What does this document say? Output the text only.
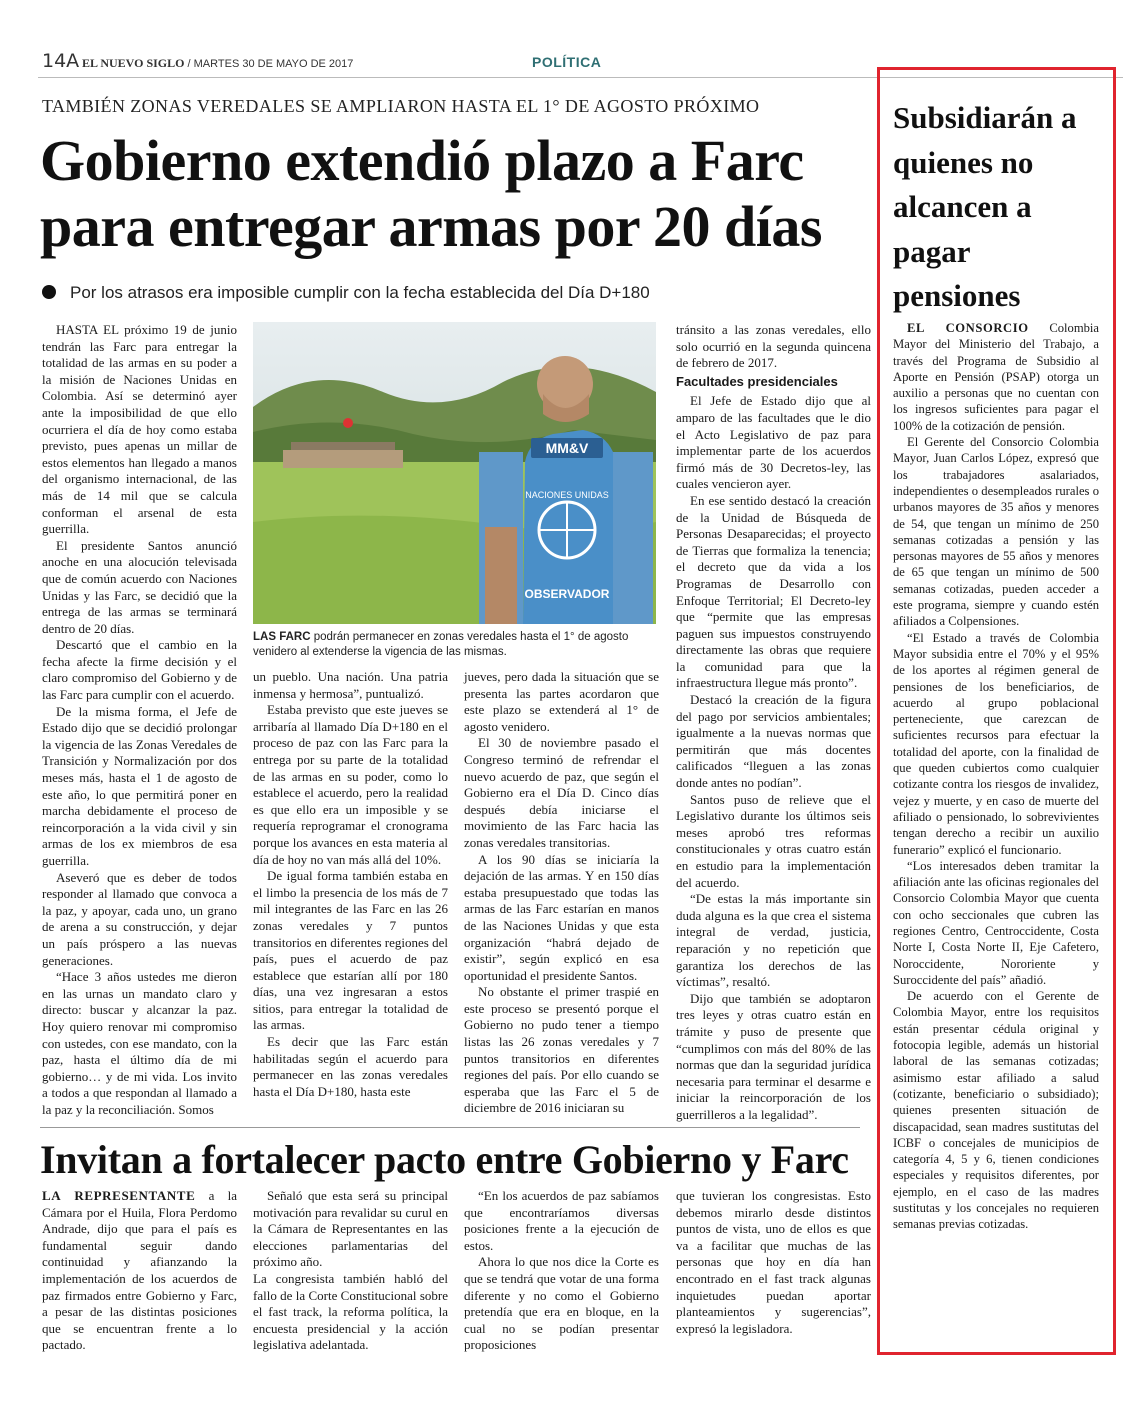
14A EL NUEVO SIGLO / MARTES 30 DE MAYO DE 2017	POLÍTICA
TAMBIÉN ZONAS VEREDALES SE AMPLIARON HASTA EL 1° DE AGOSTO PRÓXIMO
Gobierno extendió plazo a Farc para entregar armas por 20 días
Por los atrasos era imposible cumplir con la fecha establecida del Día D+180

HASTA EL próximo 19 de junio tendrán las Farc para entregar la totalidad de las armas en su poder a la misión de Naciones Unidas en Colombia. Así se determinó ayer ante la imposibilidad de que ello ocurriera el día de hoy como estaba previsto, pues apenas un millar de estos elementos han llegado a manos del organismo internacional, de las más de 14 mil que se calcula conforman el arsenal de esta guerrilla.

El presidente Santos anunció anoche en una alocución televisada que de común acuerdo con Naciones Unidas y las Farc, se decidió que la entrega de las armas se terminará dentro de 20 días.

Descartó que el cambio en la fecha afecte la firme decisión y el claro compromiso del Gobierno y de las Farc para cumplir con el acuerdo.

De la misma forma, el Jefe de Estado dijo que se decidió prolongar la vigencia de las Zonas Veredales de Transición y Normalización por dos meses más, hasta el 1 de agosto de este año, lo que permitirá poner en marcha debidamente el proceso de reincorporación a la vida civil y sin armas de los ex miembros de esa guerrilla.

Aseveró que es deber de todos responder al llamado que convoca a la paz, y apoyar, cada uno, un grano de arena a su construcción, y dejar un país próspero a las nuevas generaciones.

“Hace 3 años ustedes me dieron en las urnas un mandato claro y directo: buscar y alcanzar la paz. Hoy quiero renovar mi compromiso con ustedes, con ese mandato, con la paz, hasta el último día de mi gobierno… y de mi vida. Los invito a todos a que respondan al llamado a la paz y la reconciliación. Somos

MM&V
NACIONES UNIDAS
OBSERVADOR
LAS FARC podrán permanecer en zonas veredales hasta el 1° de agosto venidero al extenderse la vigencia de las mismas.

un pueblo. Una nación. Una patria inmensa y hermosa”, puntualizó.

Estaba previsto que este jueves se arribaría al llamado Día D+180 en el proceso de paz con las Farc para la entrega por su parte de la totalidad de las armas en su poder, como lo establece el acuerdo, pero la realidad es que ello era un imposible y se requería reprogramar el cronograma porque los avances en esta materia al día de hoy no van más allá del 10%.

De igual forma también estaba en el limbo la presencia de los más de 7 mil integrantes de las Farc en las 26 zonas veredales y 7 puntos transitorios en diferentes regiones del país, pues el acuerdo de paz establece que estarían allí por 180 días, una vez ingresaran a estos sitios, para entregar la totalidad de las armas.

Es decir que las Farc están habilitadas según el acuerdo para permanecer en las zonas veredales hasta el Día D+180, hasta este

jueves, pero dada la situación que se presenta las partes acordaron que este plazo se extenderá al 1° de agosto venidero.

El 30 de noviembre pasado el Congreso terminó de refrendar el nuevo acuerdo de paz, que según el Gobierno era el Día D. Cinco días después debía iniciarse el movimiento de las Farc hacia las zonas veredales transitorias.

A los 90 días se iniciaría la dejación de las armas. Y en 150 días estaba presupuestado que todas las armas de las Farc estarían en manos de las Naciones Unidas y que esta organización “habrá dejado de existir”, según explicó en esa oportunidad el presidente Santos.

No obstante el primer traspié en este proceso se presentó porque el Gobierno no pudo tener a tiempo listas las 26 zonas veredales y 7 puntos transitorios en diferentes regiones del país. Por ello cuando se esperaba que las Farc el 5 de diciembre de 2016 iniciaran su

tránsito a las zonas veredales, ello solo ocurrió en la segunda quincena de febrero de 2017.

Facultades presidenciales

El Jefe de Estado dijo que al amparo de las facultades que le dio el Acto Legislativo de paz para implementar parte de los acuerdos firmó más de 30 Decretos-ley, las cuales vencieron ayer.

En ese sentido destacó la creación de la Unidad de Búsqueda de Personas Desaparecidas; el proyecto de Tierras que formaliza la tenencia; el decreto que da vida a los Programas de Desarrollo con Enfoque Territorial; El Decreto-ley que “permite que las empresas paguen sus impuestos construyendo directamente las obras que requiere la comunidad para que la infraestructura llegue más pronto”.

Destacó la creación de la figura del pago por servicios ambientales; igualmente a la nuevas normas que permitirán que más docentes calificados “lleguen a las zonas donde antes no podían”.

Santos puso de relieve que el Legislativo durante los últimos seis meses aprobó tres reformas constitucionales y otras cuatro están en estudio para la implementación del acuerdo.

“De estas la más importante sin duda alguna es la que crea el sistema integral de verdad, justicia, reparación y no repetición que garantiza los derechos de las víctimas”, resaltó.

Dijo que también se adoptaron tres leyes y otras cuatro están en trámite y puso de presente que “cumplimos con más del 80% de las normas que dan la seguridad jurídica necesaria para terminar el desarme e iniciar la reincorporación de los guerrilleros a la legalidad”.

Invitan a fortalecer pacto entre Gobierno y Farc

LA REPRESENTANTE a la Cámara por el Huila, Flora Perdomo Andrade, dijo que para el país es fundamental seguir dando continuidad y afianzando la implementación de los acuerdos de paz firmados entre Gobierno y Farc, a pesar de las distintas posiciones que se encuentran frente a lo pactado.

Señaló que esta será su principal motivación para revalidar su curul en la Cámara de Representantes en las elecciones parlamentarias del próximo año.

La congresista también habló del fallo de la Corte Constitucional sobre el fast track, la reforma política, la encuesta presidencial y la acción legislativa adelantada.

“En los acuerdos de paz sabíamos que encontraríamos diversas posiciones frente a la ejecución de estos.

Ahora lo que nos dice la Corte es que se tendrá que votar de una forma diferente y no como el Gobierno pretendía que era en bloque, en la cual no se podían presentar proposiciones

que tuvieran los congresistas. Esto debemos mirarlo desde distintos puntos de vista, uno de ellos es que va a facilitar que muchas de las personas que hoy en día han encontrado en el fast track algunas inquietudes puedan aportar planteamientos y sugerencias”, expresó la legisladora.

Subsidiarán a quienes no alcancen a pagar pensiones

EL CONSORCIO Colombia Mayor del Ministerio del Trabajo, a través del Programa de Subsidio al Aporte en Pensión (PSAP) otorga un auxilio a personas que no cuentan con los ingresos suficientes para pagar el 100% de la cotización de pensión.

El Gerente del Consorcio Colombia Mayor, Juan Carlos López, expresó que los trabajadores asalariados, independientes o desempleados rurales o urbanos mayores de 35 años y menores de 54, que tengan un mínimo de 250 semanas cotizadas a pensión y las personas mayores de 55 años y menores de 65 que tengan un mínimo de 500 semanas cotizadas, pueden acceder a este programa, siempre y cuando estén afiliados a Colpensiones.

“El Estado a través de Colombia Mayor subsidia entre el 70% y el 95% de los aportes al régimen general de pensiones de los beneficiarios, de acuerdo al grupo poblacional perteneciente, que carezcan de suficientes recursos para efectuar la totalidad del aporte, con la finalidad de que queden cubiertos como cualquier cotizante contra los riesgos de invalidez, vejez y muerte, y en caso de muerte del afiliado o pensionado, lo sobrevivientes tengan derecho a recibir un auxilio funerario” explicó el funcionario.

“Los interesados deben tramitar la afiliación ante las oficinas regionales del Consorcio Colombia Mayor que cuenta con ocho seccionales que cubren las regiones Centro, Centroccidente, Costa Norte I, Costa Norte II, Eje Cafetero, Noroccidente, Nororiente y Suroccidente del país” añadió.

De acuerdo con el Gerente de Colombia Mayor, entre los requisitos están presentar cédula original y fotocopia legible, además un historial laboral de las semanas cotizadas; asimismo estar afiliado a salud (cotizante, beneficiario o subsidiado); quienes presenten situación de discapacidad, sean madres sustitutas del ICBF o concejales de municipios de categoría 4, 5 y 6, tienen condiciones especiales y requisitos diferentes, por ejemplo, en el caso de las madres sustitutas y los concejales no requieren semanas previas cotizadas.
